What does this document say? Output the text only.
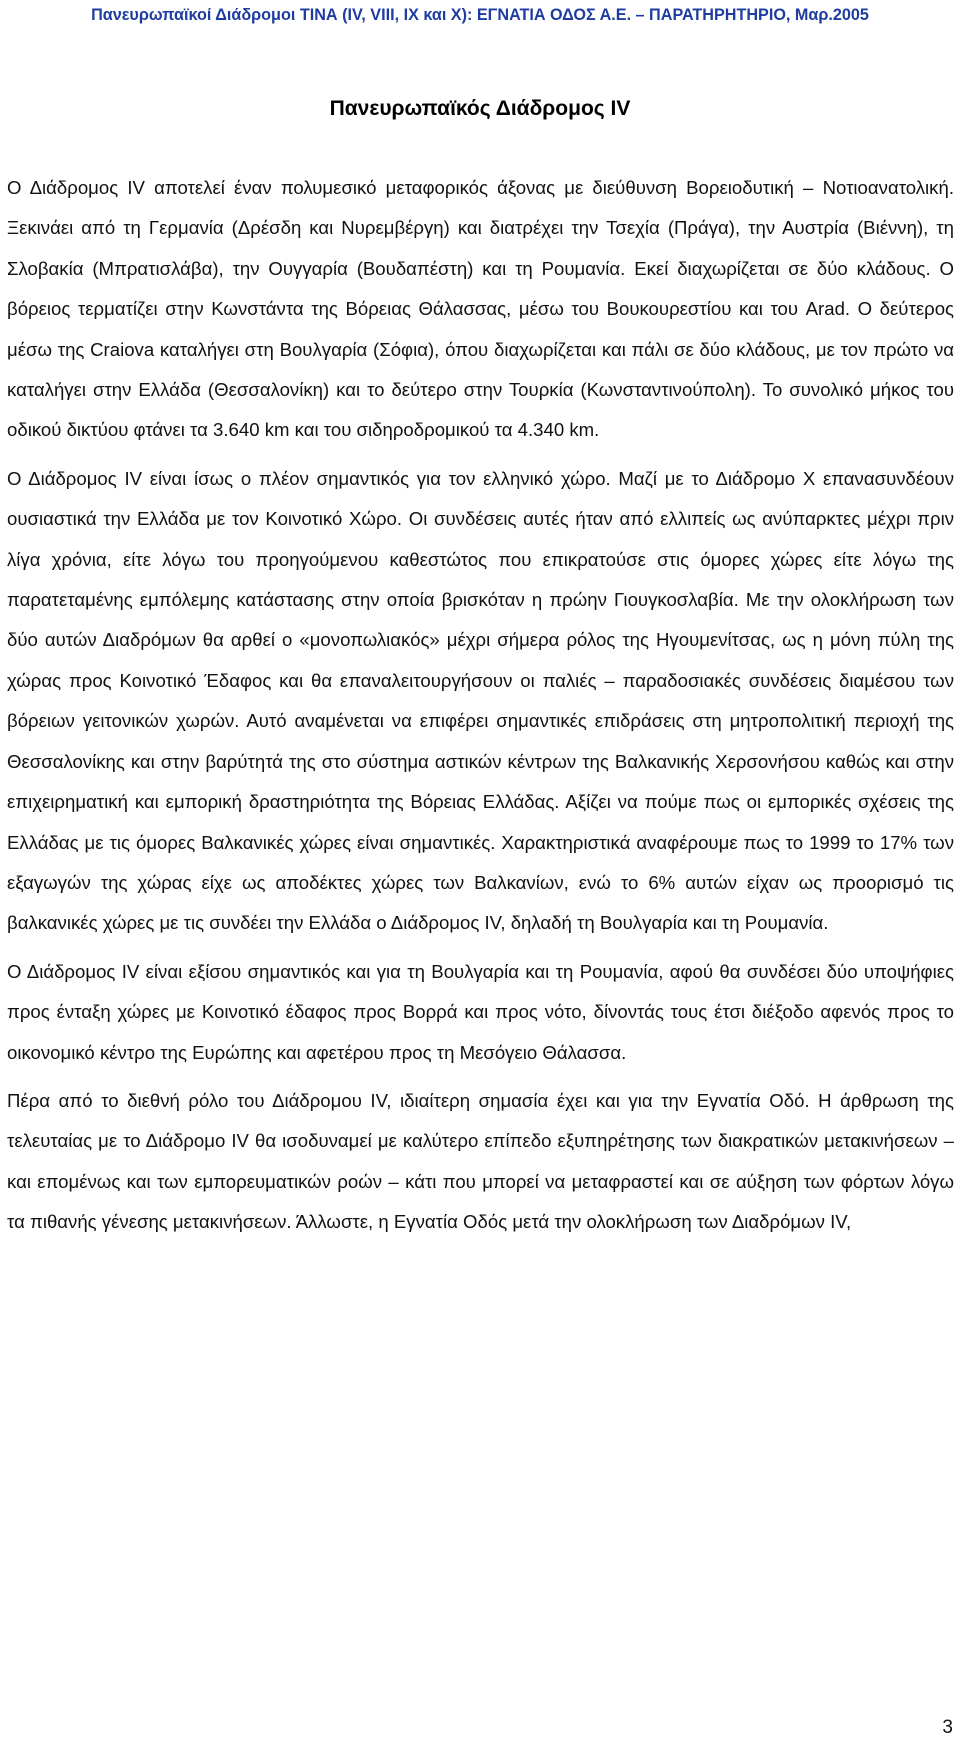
Πανευρωπαϊκοί Διάδρομοι ΤΙΝΑ (IV, VIII, IX και X): ΕΓΝΑΤΙΑ ΟΔΟΣ Α.Ε. – ΠΑΡΑΤΗΡΗΤΗΡΙΟ, Μαρ.2005
Πανευρωπαϊκός Διάδρομος IV

Ο Διάδρομος IV αποτελεί έναν πολυμεσικό μεταφορικός άξονας με διεύθυνση Βορειοδυτική – Νοτιοανατολική. Ξεκινάει από τη Γερμανία (Δρέσδη και Νυρεμβέργη) και διατρέχει την Τσεχία (Πράγα), την Αυστρία (Βιέννη), τη Σλοβακία (Μπρατισλάβα), την Ουγγαρία (Βουδαπέστη) και τη Ρουμανία. Εκεί διαχωρίζεται σε δύο κλάδους. Ο βόρειος τερματίζει στην Κωνστάντα της Βόρειας Θάλασσας, μέσω του Βουκουρεστίου και του Arad. Ο δεύτερος μέσω της Craiova καταλήγει στη Βουλγαρία (Σόφια), όπου διαχωρίζεται και πάλι σε δύο κλάδους, με τον πρώτο να καταλήγει στην Ελλάδα (Θεσσαλονίκη) και το δεύτερο στην Τουρκία (Κωνσταντινούπολη). Το συνολικό μήκος του οδικού δικτύου φτάνει τα 3.640 km και του σιδηροδρομικού τα 4.340 km.

Ο Διάδρομος IV είναι ίσως ο πλέον σημαντικός για τον ελληνικό χώρο. Μαζί με το Διάδρομο Χ επανασυνδέουν ουσιαστικά την Ελλάδα με τον Κοινοτικό Χώρο. Οι συνδέσεις αυτές ήταν από ελλιπείς ως ανύπαρκτες μέχρι πριν λίγα χρόνια, είτε λόγω του προηγούμενου καθεστώτος που επικρατούσε στις όμορες χώρες είτε λόγω της παρατεταμένης εμπόλεμης κατάστασης στην οποία βρισκόταν η πρώην Γιουγκοσλαβία. Με την ολοκλήρωση των δύο αυτών Διαδρόμων θα αρθεί ο «μονοπωλιακός» μέχρι σήμερα ρόλος της Ηγουμενίτσας, ως η μόνη πύλη της χώρας προς Κοινοτικό Έδαφος και θα επαναλειτουργήσουν οι παλιές – παραδοσιακές συνδέσεις διαμέσου των βόρειων γειτονικών χωρών. Αυτό αναμένεται να επιφέρει σημαντικές επιδράσεις στη μητροπολιτική περιοχή της Θεσσαλονίκης και στην βαρύτητά της στο σύστημα αστικών κέντρων της Βαλκανικής Χερσονήσου καθώς και στην επιχειρηματική και εμπορική δραστηριότητα της Βόρειας Ελλάδας. Αξίζει να πούμε πως οι εμπορικές σχέσεις της Ελλάδας με τις όμορες Βαλκανικές χώρες είναι σημαντικές. Χαρακτηριστικά αναφέρουμε πως το 1999 το 17% των εξαγωγών της χώρας είχε ως αποδέκτες χώρες των Βαλκανίων, ενώ το 6% αυτών είχαν ως προορισμό τις βαλκανικές χώρες με τις συνδέει την Ελλάδα ο Διάδρομος IV, δηλαδή τη Βουλγαρία και τη Ρουμανία.

Ο Διάδρομος IV είναι εξίσου σημαντικός και για τη Βουλγαρία και τη Ρουμανία, αφού θα συνδέσει δύο υποψήφιες προς ένταξη χώρες με Κοινοτικό έδαφος προς Βορρά και προς νότο, δίνοντάς τους έτσι διέξοδο αφενός προς το οικονομικό κέντρο της Ευρώπης και αφετέρου προς τη Μεσόγειο Θάλασσα.

Πέρα από το διεθνή ρόλο του Διάδρομου IV, ιδιαίτερη σημασία έχει και για την Εγνατία Οδό. Η άρθρωση της τελευταίας με το Διάδρομο IV θα ισοδυναμεί με καλύτερο επίπεδο εξυπηρέτησης των διακρατικών μετακινήσεων – και επομένως και των εμπορευματικών ροών – κάτι που μπορεί να μεταφραστεί και σε αύξηση των φόρτων λόγω τα πιθανής γένεσης μετακινήσεων. Άλλωστε, η Εγνατία Οδός μετά την ολοκλήρωση των Διαδρόμων IV,

3
